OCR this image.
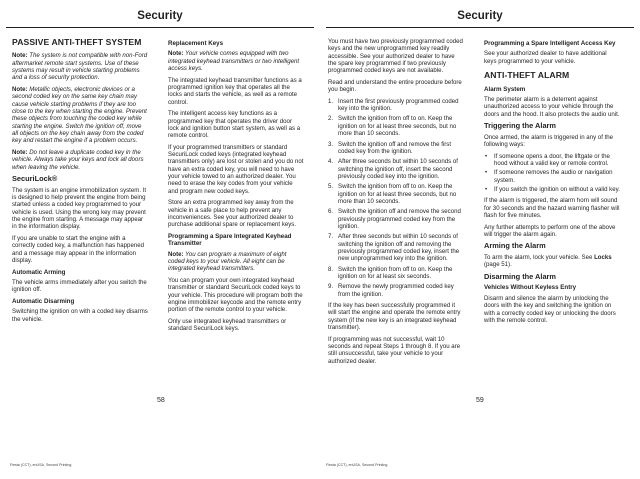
Security
PASSIVE ANTI-THEFT SYSTEM

Note: The system is not compatible with non-Ford aftermarket remote start systems. Use of these systems may result in vehicle starting problems and a loss of security protection.

Note: Metallic objects, electronic devices or a second coded key on the same key chain may cause vehicle starting problems if they are too close to the key when starting the engine. Prevent these objects from touching the coded key while starting the engine. Switch the ignition off, move all objects on the key chain away from the coded key and restart the engine if a problem occurs.

Note: Do not leave a duplicate coded key in the vehicle. Always take your keys and lock all doors when leaving the vehicle.

SecuriLock®

The system is an engine immobilization system. It is designed to help prevent the engine from being started unless a coded key programmed to your vehicle is used. Using the wrong key may prevent the engine from starting. A message may appear in the information display.

If you are unable to start the engine with a correctly coded key, a malfunction has happened and a message may appear in the information display.

Automatic Arming

The vehicle arms immediately after you switch the ignition off.

Automatic Disarming

Switching the ignition on with a coded key disarms the vehicle.

Replacement Keys

Note: Your vehicle comes equipped with two integrated keyhead transmitters or two intelligent access keys.

The integrated keyhead transmitter functions as a programmed ignition key that operates all the locks and starts the vehicle, as well as a remote control.

The intelligent access key functions as a programmed key that operates the driver door lock and ignition button start system, as well as a remote control.

If your programmed transmitters or standard SecuriLock coded keys (integrated keyhead transmitters only) are lost or stolen and you do not have an extra coded key, you will need to have your vehicle towed to an authorized dealer. You need to erase the key codes from your vehicle and program new coded keys.

Store an extra programmed key away from the vehicle in a safe place to help prevent any inconveniences. See your authorized dealer to purchase additional spare or replacement keys.

Programming a Spare Integrated Keyhead Transmitter

Note: You can program a maximum of eight coded keys to your vehicle. All eight can be integrated keyhead transmitters.

You can program your own integrated keyhead transmitter or standard SecuriLock coded keys to your vehicle. This procedure will program both the engine immobilizer keycode and the remote entry portion of the remote control to your vehicle.

Only use integrated keyhead transmitters or standard SecuriLock keys.

58
Fiesta (CCT), enUSA, Second Printing
Security

You must have two previously programmed coded keys and the new unprogrammed key readily accessible. See your authorized dealer to have the spare key programmed if two previously programmed coded keys are not available.

Read and understand the entire procedure before you begin.

1. Insert the first previously programmed coded key into the ignition.
2. Switch the ignition from off to on. Keep the ignition on for at least three seconds, but no more than 10 seconds.
3. Switch the ignition off and remove the first coded key from the ignition.
4. After three seconds but within 10 seconds of switching the ignition off, insert the second previously coded key into the ignition.
5. Switch the ignition from off to on. Keep the ignition on for at least three seconds, but no more than 10 seconds.
6. Switch the ignition off and remove the second previously programmed coded key from the ignition.
7. After three seconds but within 10 seconds of switching the ignition off and removing the previously programmed coded key, insert the new unprogrammed key into the ignition.
8. Switch the ignition from off to on. Keep the ignition on for at least six seconds.
9. Remove the newly programmed coded key from the ignition.

If the key has been successfully programmed it will start the engine and operate the remote entry system (if the new key is an integrated keyhead transmitter).

If programming was not successful, wait 10 seconds and repeat Steps 1 through 8. If you are still unsuccessful, take your vehicle to your authorized dealer.

Programming a Spare Intelligent Access Key

See your authorized dealer to have additional keys programmed to your vehicle.

ANTI-THEFT ALARM
Alarm System

The perimeter alarm is a deterrent against unauthorized access to your vehicle through the doors and the hood. It also protects the audio unit.

Triggering the Alarm

Once armed, the alarm is triggered in any of the following ways:

• If someone opens a door, the liftgate or the hood without a valid key or remote control.
• If someone removes the audio or navigation system.
• If you switch the ignition on without a valid key.

If the alarm is triggered, the alarm horn will sound for 30 seconds and the hazard warning flasher will flash for five minutes.

Any further attempts to perform one of the above will trigger the alarm again.

Arming the Alarm

To arm the alarm, lock your vehicle. See Locks (page 51).

Disarming the Alarm
Vehicles Without Keyless Entry

Disarm and silence the alarm by unlocking the doors with the key and switching the ignition on with a correctly coded key or unlocking the doors with the remote control.

59
Fiesta (CCT), enUSA, Second Printing
